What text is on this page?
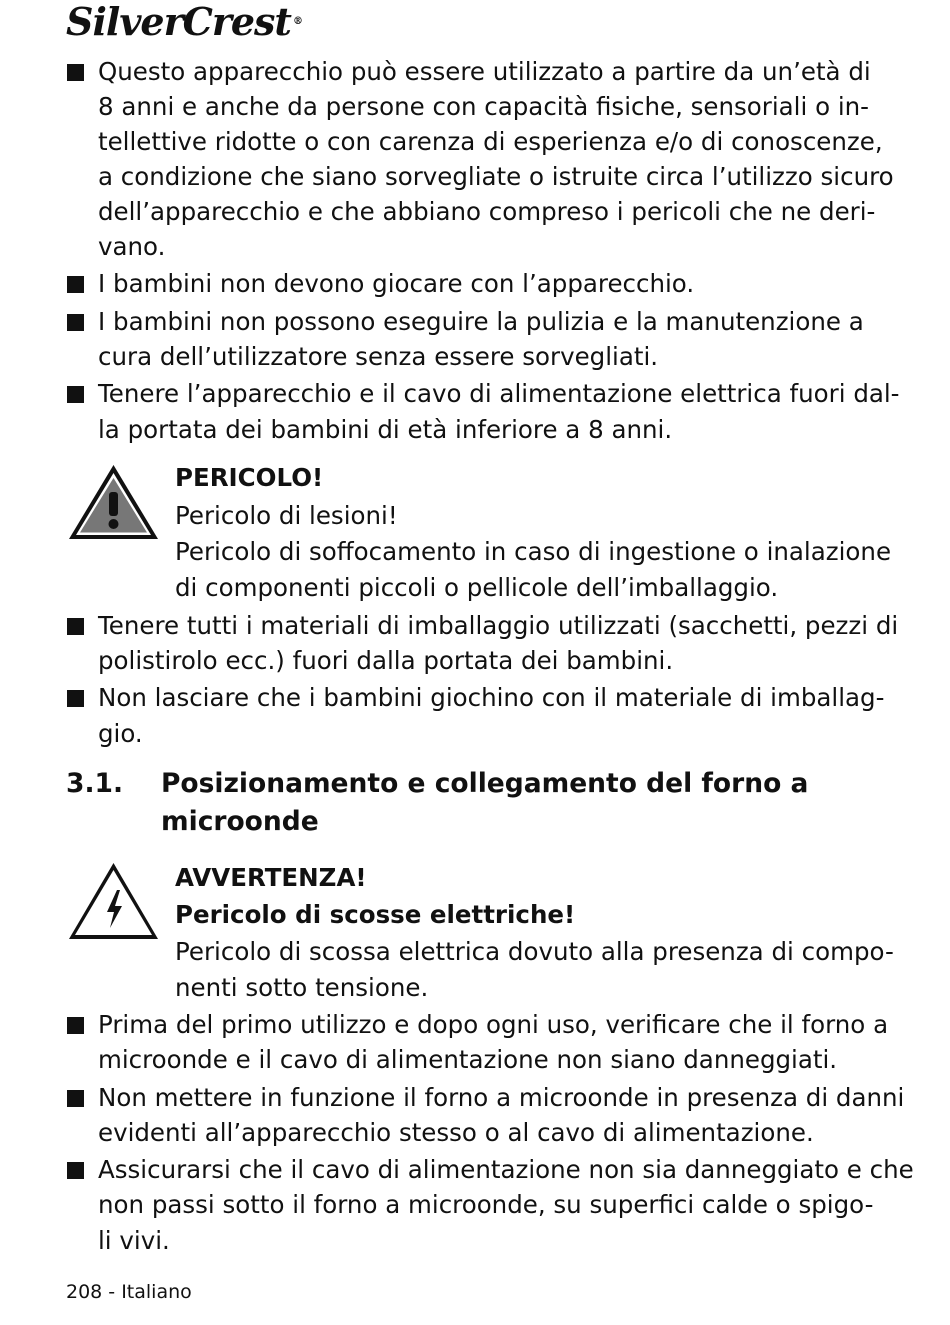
SilverCrest ®
Questo apparecchio può essere utilizzato a partire da un’età di
8 anni e anche da persone con capacità fisiche, sensoriali o in-
tellettive ridotte o con carenza di esperienza e/o di conoscenze,
a condizione che siano sorvegliate o istruite circa l’utilizzo sicuro
dell’apparecchio e che abbiano compreso i pericoli che ne deri-
vano.
I bambini non devono giocare con l’apparecchio.
I bambini non possono eseguire la pulizia e la manutenzione a
cura dell’utilizzatore senza essere sorvegliati.
Tenere l’apparecchio e il cavo di alimentazione elettrica fuori dal-
la portata dei bambini di età inferiore a 8 anni.
PERICOLO!
Pericolo di lesioni!
Pericolo di soffocamento in caso di ingestione o inalazione
di componenti piccoli o pellicole dell’imballaggio.
Tenere tutti i materiali di imballaggio utilizzati (sacchetti, pezzi di
polistirolo ecc.) fuori dalla portata dei bambini.
Non lasciare che i bambini giochino con il materiale di imballag-
gio.
3.1. Posizionamento e collegamento del forno a
microonde
AVVERTENZA!
Pericolo di scosse elettriche!
Pericolo di scossa elettrica dovuto alla presenza di compo-
nenti sotto tensione.
Prima del primo utilizzo e dopo ogni uso, verificare che il forno a
microonde e il cavo di alimentazione non siano danneggiati.
Non mettere in funzione il forno a microonde in presenza di danni
evidenti all’apparecchio stesso o al cavo di alimentazione.
Assicurarsi che il cavo di alimentazione non sia danneggiato e che
non passi sotto il forno a microonde, su superfici calde o spigo-
li vivi.
208 - Italiano
